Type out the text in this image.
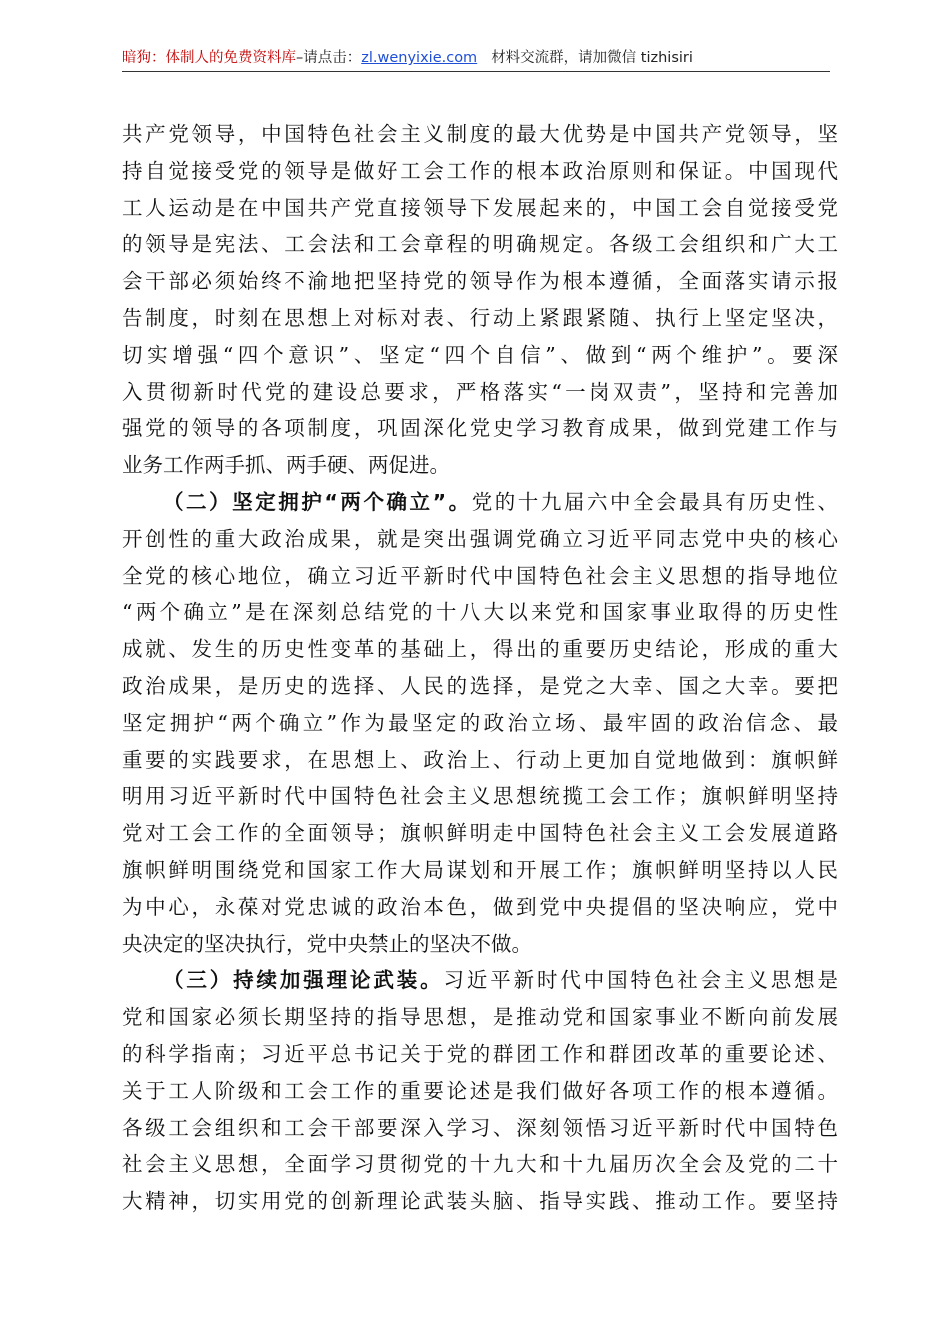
暗狗：体制人的免费资料库–请点击：zl.wenyixie.com 材料交流群，请加微信 tizhisiri
共产党领导，中国特色社会主义制度的最大优势是中国共产党领导，坚
持自觉接受党的领导是做好工会工作的根本政治原则和保证。中国现代
工人运动是在中国共产党直接领导下发展起来的，中国工会自觉接受党
的领导是宪法、工会法和工会章程的明确规定。各级工会组织和广大工
会干部必须始终不渝地把坚持党的领导作为根本遵循，全面落实请示报
告制度，时刻在思想上对标对表、行动上紧跟紧随、执行上坚定坚决，
切实增强“四个意识”、坚定“四个自信”、做到“两个维护”。要深
入贯彻新时代党的建设总要求，严格落实“一岗双责”，坚持和完善加
强党的领导的各项制度，巩固深化党史学习教育成果，做到党建工作与
业务工作两手抓、两手硬、两促进。
（二）坚定拥护“两个确立”。党的十九届六中全会最具有历史性、
开创性的重大政治成果，就是突出强调党确立习近平同志党中央的核心
全党的核心地位，确立习近平新时代中国特色社会主义思想的指导地位
“两个确立”是在深刻总结党的十八大以来党和国家事业取得的历史性
成就、发生的历史性变革的基础上，得出的重要历史结论，形成的重大
政治成果，是历史的选择、人民的选择，是党之大幸、国之大幸。要把
坚定拥护“两个确立”作为最坚定的政治立场、最牢固的政治信念、最
重要的实践要求，在思想上、政治上、行动上更加自觉地做到：旗帜鲜
明用习近平新时代中国特色社会主义思想统揽工会工作；旗帜鲜明坚持
党对工会工作的全面领导；旗帜鲜明走中国特色社会主义工会发展道路
旗帜鲜明围绕党和国家工作大局谋划和开展工作；旗帜鲜明坚持以人民
为中心，永葆对党忠诚的政治本色，做到党中央提倡的坚决响应，党中
央决定的坚决执行，党中央禁止的坚决不做。
（三）持续加强理论武装。习近平新时代中国特色社会主义思想是
党和国家必须长期坚持的指导思想，是推动党和国家事业不断向前发展
的科学指南；习近平总书记关于党的群团工作和群团改革的重要论述、
关于工人阶级和工会工作的重要论述是我们做好各项工作的根本遵循。
各级工会组织和工会干部要深入学习、深刻领悟习近平新时代中国特色
社会主义思想，全面学习贯彻党的十九大和十九届历次全会及党的二十
大精神，切实用党的创新理论武装头脑、指导实践、推动工作。要坚持
